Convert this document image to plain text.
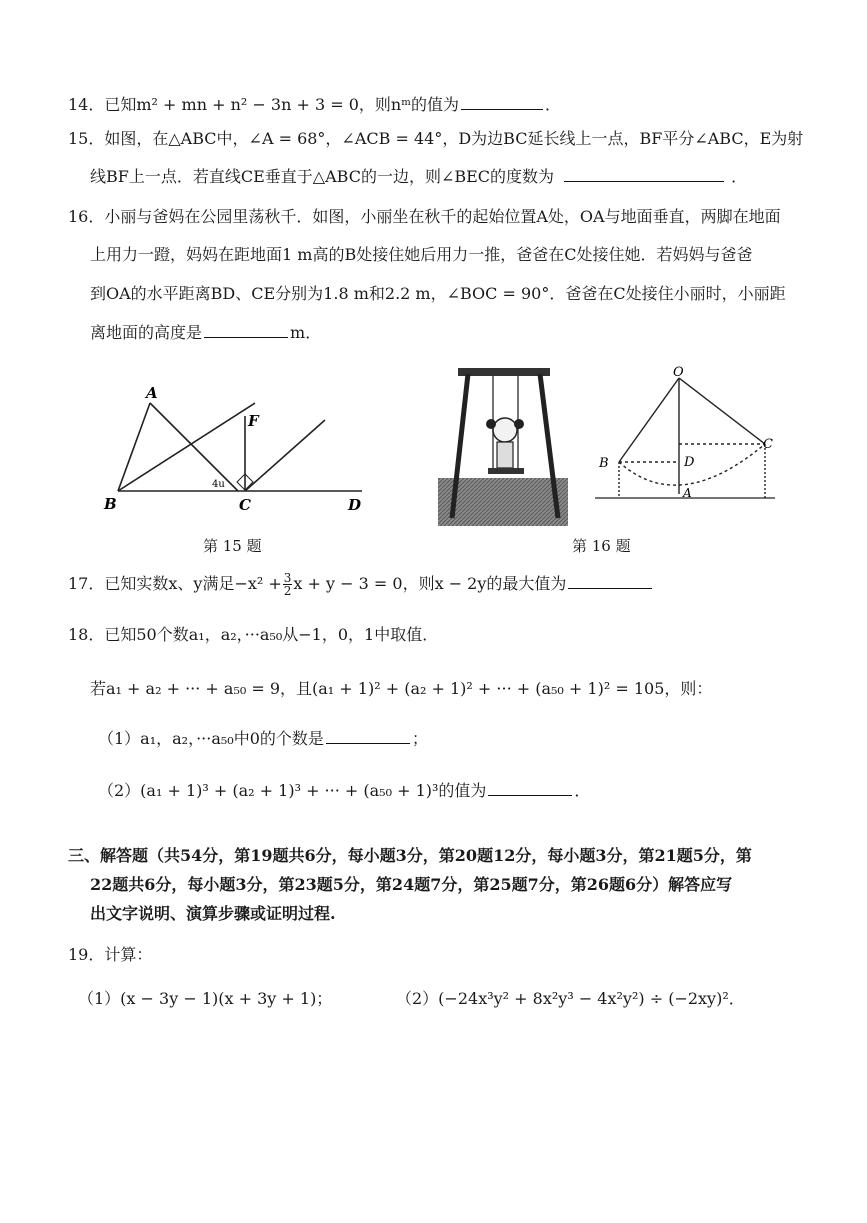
14．已知m² + mn + n² − 3n + 3 = 0，则nᵐ的值为	．
15．如图，在△ABC中，∠A = 68°，∠ACB = 44°，D为边BC延长线上一点，BF平分∠ABC，E为射
线BF上一点．若直线CE垂直于△ABC的一边，则∠BEC的度数为	．
16．小丽与爸妈在公园里荡秋千．如图，小丽坐在秋千的起始位置A处，OA与地面垂直，两脚在地面
上用力一蹬，妈妈在距地面1 m高的B处接住她后用力一推，爸爸在C处接住她．若妈妈与爸爸
到OA的水平距离BD、CE分别为1.8 m和2.2 m，∠BOC = 90°．爸爸在C处接住小丽时，小丽距
离地面的高度是	m．
A
B	C	D
F
4u
第 15 题
O
B
C
D
A
第 16 题
17．已知实数x、y满足$-x^2 + \frac{3}{2}$ x + y − 3 = 0，则x − 2y的最大值为
18．已知50个数a₁，a₂，···a₅₀从−1，0，1中取值．
若a₁ + a₂ + ··· + a₅₀ = 9，且(a₁ + 1)² + (a₂ + 1)² + ··· + (a₅₀ + 1)² = 105，则：
（1）a₁，a₂，···a₅₀中0的个数是	；
（2）(a₁ + 1)³ + (a₂ + 1)³ + ··· + (a₅₀ + 1)³的值为	．
三、解答题（共54分，第19题共6分，每小题3分，第20题12分，每小题3分，第21题5分，第
22题共6分，每小题3分，第23题5分，第24题7分，第25题7分，第26题6分）解答应写
出文字说明、演算步骤或证明过程.
19．计算：
（1）(x − 3y − 1)(x + 3y + 1)；	（2）(−24x³y² + 8x²y³ − 4x²y²) ÷ (−2xy)²．
